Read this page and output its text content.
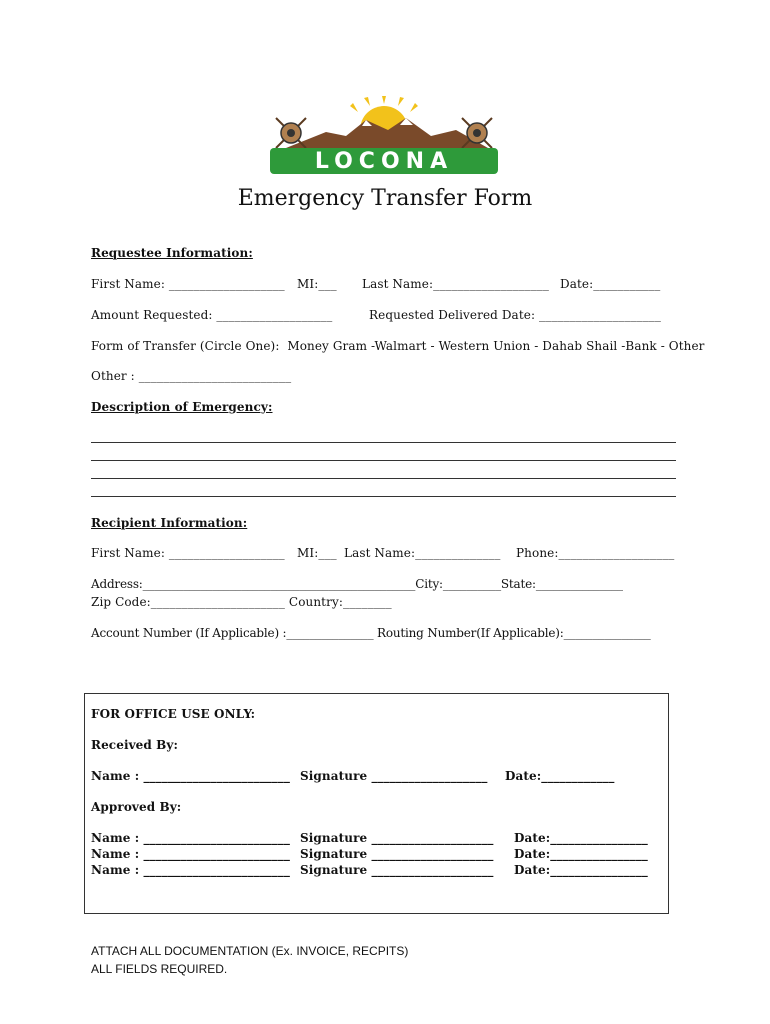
LOCONA
Emergency Transfer Form
Requestee Information:
First Name: ___________________ MI:___ Last Name:___________________ Date:___________
Amount Requested: ___________________	Requested Delivered Date: ____________________
Form of Transfer (Circle One):  Money Gram -Walmart - Western Union - Dahab Shail -Bank - Other
Other : _________________________
Description of Emergency:
Recipient Information:
First Name: ___________________ MI:___ Last Name:______________ Phone:___________________
Address:_______________________________________________City:__________State:_______________
Zip Code:______________________ Country:________
Account Number (If Applicable) :_______________ Routing Number(If Applicable):_______________
FOR OFFICE USE ONLY:
Received By:
Name : ________________________ Signature ___________________ Date:____________
Approved By:
Name : ________________________ Signature ____________________ Date:________________
Name : ________________________ Signature ____________________ Date:________________
Name : ________________________ Signature ____________________ Date:________________
ATTACH ALL DOCUMENTATION (Ex. INVOICE, RECPITS)
ALL FIELDS REQUIRED.
